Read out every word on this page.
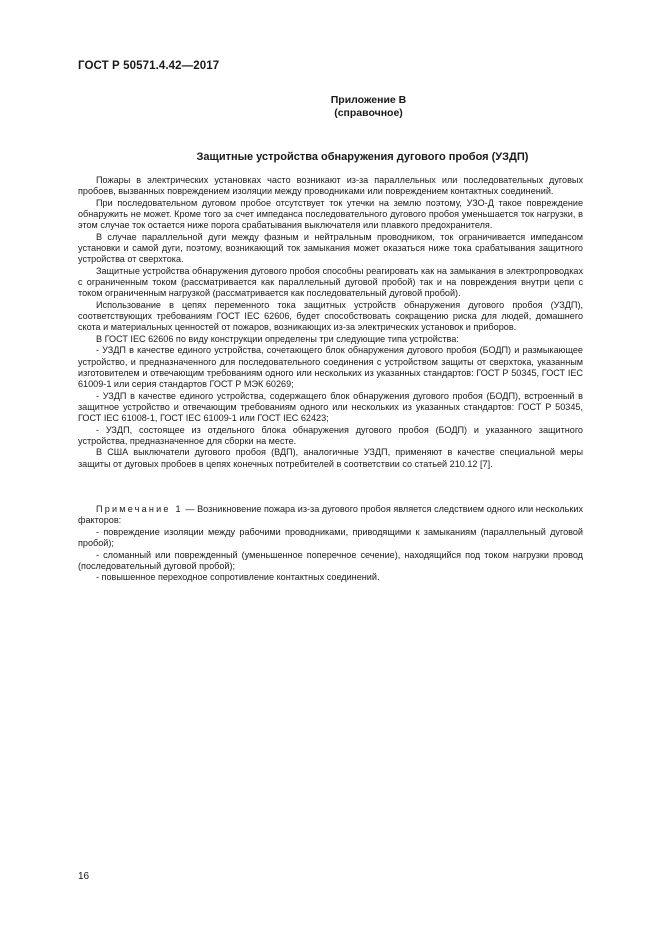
ГОСТ Р 50571.4.42—2017
Приложение В
(справочное)
Защитные устройства обнаружения дугового пробоя (УЗДП)

Пожары в электрических установках часто возникают из-за параллельных или последовательных дуговых пробоев, вызванных повреждением изоляции между проводниками или повреждением контактных соединений.

При последовательном дуговом пробое отсутствует ток утечки на землю поэтому, УЗО-Д такое повреждение обнаружить не может. Кроме того за счет импеданса последовательного дугового пробоя уменьшается ток нагрузки, в этом случае ток остается ниже порога срабатывания выключателя или плавкого предохранителя.

В случае параллельной дуги между фазным и нейтральным проводником, ток ограничивается импедансом установки и самой дуги, поэтому, возникающий ток замыкания может оказаться ниже тока срабатывания защитного устройства от сверхтока.

Защитные устройства обнаружения дугового пробоя способны реагировать как на замыкания в электропроводках с ограниченным током (рассматривается как параллельный дуговой пробой) так и на повреждения внутри цепи с током ограниченным нагрузкой (рассматривается как последовательный дуговой пробой).

Использование в цепях переменного тока защитных устройств обнаружения дугового пробоя (УЗДП), соответствующих требованиям ГОСТ IEC 62606, будет способствовать сокращению риска для людей, домашнего скота и материальных ценностей от пожаров, возникающих из-за электрических установок и приборов.

В ГОСТ IEC 62606 по виду конструкции определены три следующие типа устройства:

- УЗДП в качестве единого устройства, сочетающего блок обнаружения дугового пробоя (БОДП) и размыкающее устройство, и предназначенного для последовательного соединения с устройством защиты от сверхтока, указанным изготовителем и отвечающим требованиям одного или нескольких из указанных стандартов: ГОСТ Р 50345, ГОСТ IEC 61009-1 или серия стандартов ГОСТ Р МЭК 60269;

- УЗДП в качестве единого устройства, содержащего блок обнаружения дугового пробоя (БОДП), встроенный в защитное устройство и отвечающим требованиям одного или нескольких из указанных стандартов: ГОСТ Р 50345, ГОСТ IEC 61008-1, ГОСТ IEC 61009-1 или ГОСТ IEC 62423;

- УЗДП, состоящее из отдельного блока обнаружения дугового пробоя (БОДП) и указанного защитного устройства, предназначенное для сборки на месте.

В США выключатели дугового пробоя (ВДП), аналогичные УЗДП, применяют в качестве специальной меры защиты от дуговых пробоев в цепях конечных потребителей в соответствии со статьей 210.12 [7].

Примечание 1 — Возникновение пожара из-за дугового пробоя является следствием одного или нескольких факторов:

- повреждение изоляции между рабочими проводниками, приводящими к замыканиям (параллельный дуговой пробой);

- сломанный или поврежденный (уменьшенное поперечное сечение), находящийся под током нагрузки провод (последовательный дуговой пробой);

- повышенное переходное сопротивление контактных соединений.

16
